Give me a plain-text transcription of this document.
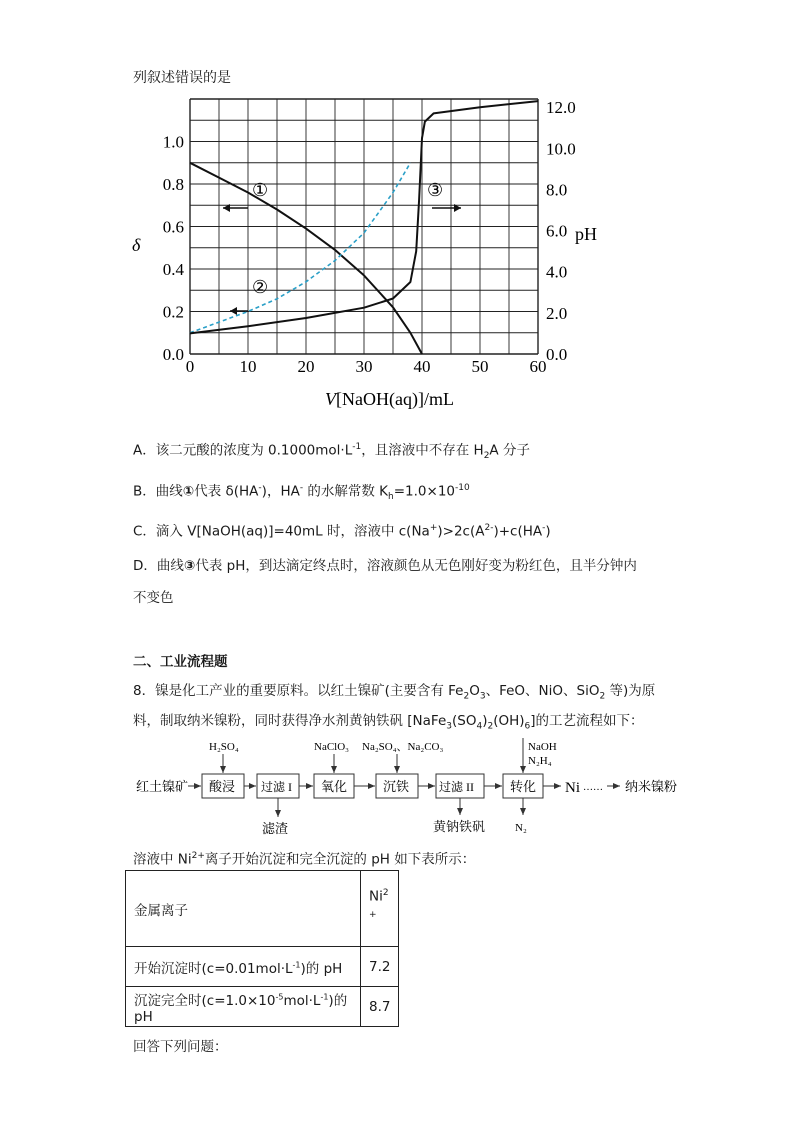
列叙述错误的是
0	10 20 30 40 50 60
0.0
0.2
0.4
0.6
0.8
1.0
0.0
2.0
4.0
6.0
8.0
10.0
12.0
①
②
③
δ
pH
V[NaOH(aq)]/mL
A．该二元酸的浓度为 $0.1000mol\cdot L^{-1}$，且溶液中不存在 $H_2A$ 分子
B．曲线①代表 δ(HA-)，HA- 的水解常数 $K_h=1.0\times 10^{-10}$
C．滴入 V[NaOH(aq)]=40mL 时，溶液中 $c(Na^+)>2c(A^{2-})+c(HA^-)$
D．曲线③代表 pH，到达滴定终点时，溶液颜色从无色刚好变为粉红色，且半分钟内
不变色
二、工业流程题
8．镍是化工产业的重要原料。以红土镍矿(主要含有 $Fe_2O_3$、FeO、NiO、SiO$_2$ 等)为原
料，制取纳米镍粉，同时获得净水剂黄钠铁矾 $[NaFe_3(SO_4)_2(OH)_6]$的工艺流程如下：
红土镍矿 酸浸 过滤 I 氧化	沉铁 过滤 II	转化 Ni …… 纳米镍粉
H₂SO₄	NaClO₃ Na₂SO₄、Na₂CO₃	NaOH
N₂H₄
滤渣	黄钠铁矾	N₂
溶液中 $Ni^{2+}$离子开始沉淀和完全沉淀的 pH 如下表所示：
金属离子	$Ni^2$
+
开始沉淀时$(c=0.01mol\cdot L^{-1})$的 pH	7.2
沉淀完全时$(c=1.0\times 10^{-5}mol\cdot L^{-1})$的 pH	8.7
回答下列问题：
